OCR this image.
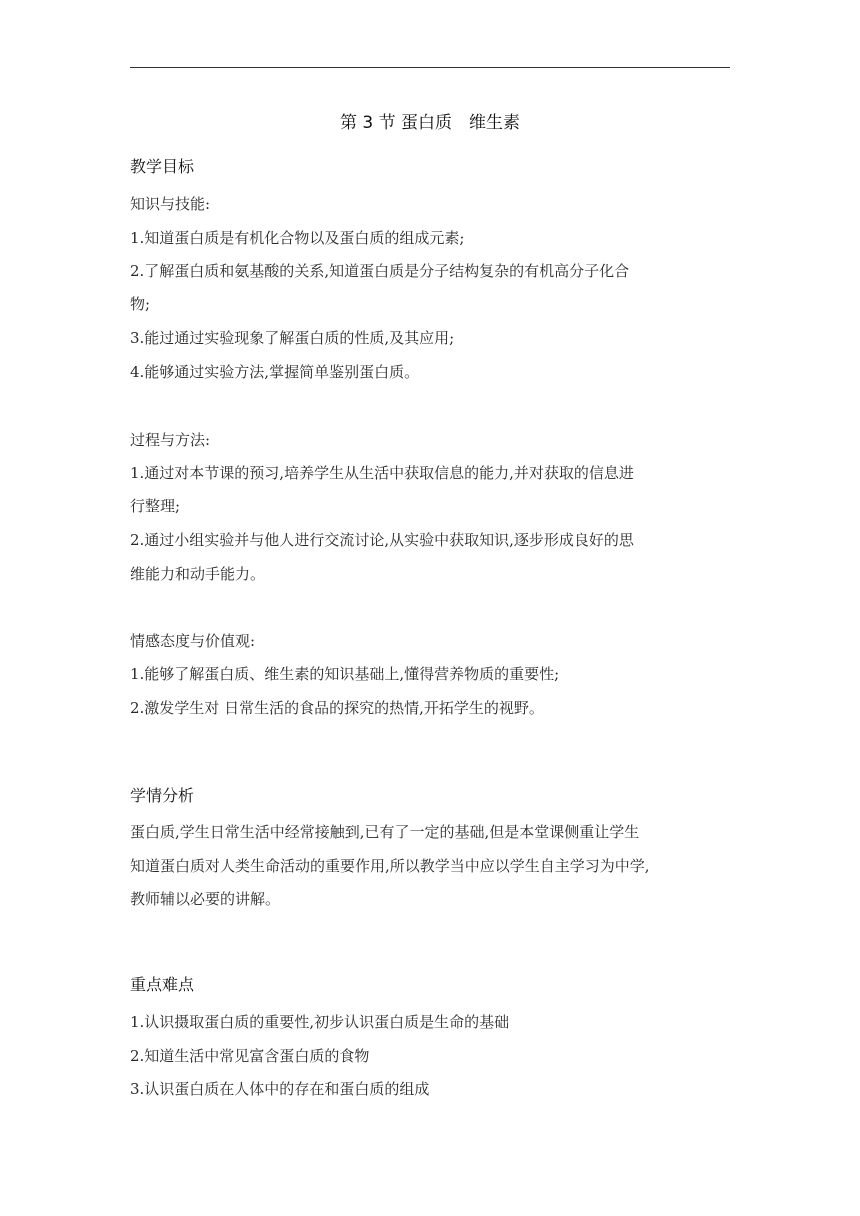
第 3 节 蛋白质　维生素
教学目标
知识与技能:
1.知道蛋白质是有机化合物以及蛋白质的组成元素;
2.了解蛋白质和氨基酸的关系,知道蛋白质是分子结构复杂的有机高分子化合
物;
3.能过通过实验现象了解蛋白质的性质,及其应用;
4.能够通过实验方法,掌握简单鉴别蛋白质。
过程与方法:
1.通过对本节课的预习,培养学生从生活中获取信息的能力,并对获取的信息进
行整理;
2.通过小组实验并与他人进行交流讨论,从实验中获取知识,逐步形成良好的思
维能力和动手能力。
情感态度与价值观:
1.能够了解蛋白质、维生素的知识基础上,懂得营养物质的重要性;
2.激发学生对 日常生活的食品的探究的热情,开拓学生的视野。
学情分析
蛋白质,学生日常生活中经常接触到,已有了一定的基础,但是本堂课侧重让学生
知道蛋白质对人类生命活动的重要作用,所以教学当中应以学生自主学习为中学,
教师辅以必要的讲解。
重点难点
1.认识摄取蛋白质的重要性,初步认识蛋白质是生命的基础
2.知道生活中常见富含蛋白质的食物
3.认识蛋白质在人体中的存在和蛋白质的组成
